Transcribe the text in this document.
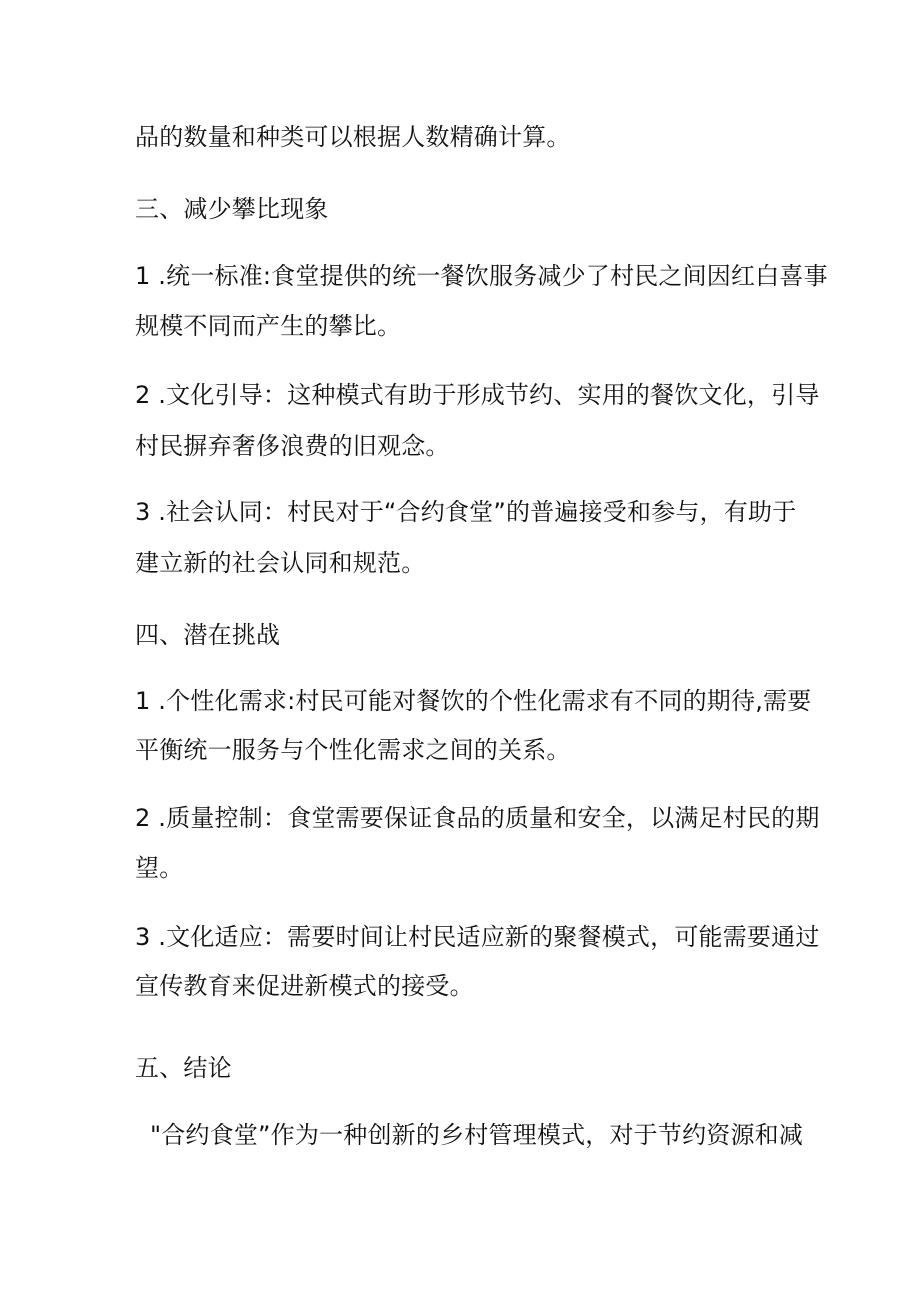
品的数量和种类可以根据人数精确计算。
三、减少攀比现象
1 .统一标准:食堂提供的统一餐饮服务减少了村民之间因红白喜事
规模不同而产生的攀比。
2 .文化引导：这种模式有助于形成节约、实用的餐饮文化，引导
村民摒弃奢侈浪费的旧观念。
3 .社会认同：村民对于“合约食堂”的普遍接受和参与，有助于
建立新的社会认同和规范。
四、潜在挑战
1 .个性化需求:村民可能对餐饮的个性化需求有不同的期待,需要
平衡统一服务与个性化需求之间的关系。
2 .质量控制：食堂需要保证食品的质量和安全，以满足村民的期
望。
3 .文化适应：需要时间让村民适应新的聚餐模式，可能需要通过
宣传教育来促进新模式的接受。
五、结论
"合约食堂”作为一种创新的乡村管理模式，对于节约资源和减
